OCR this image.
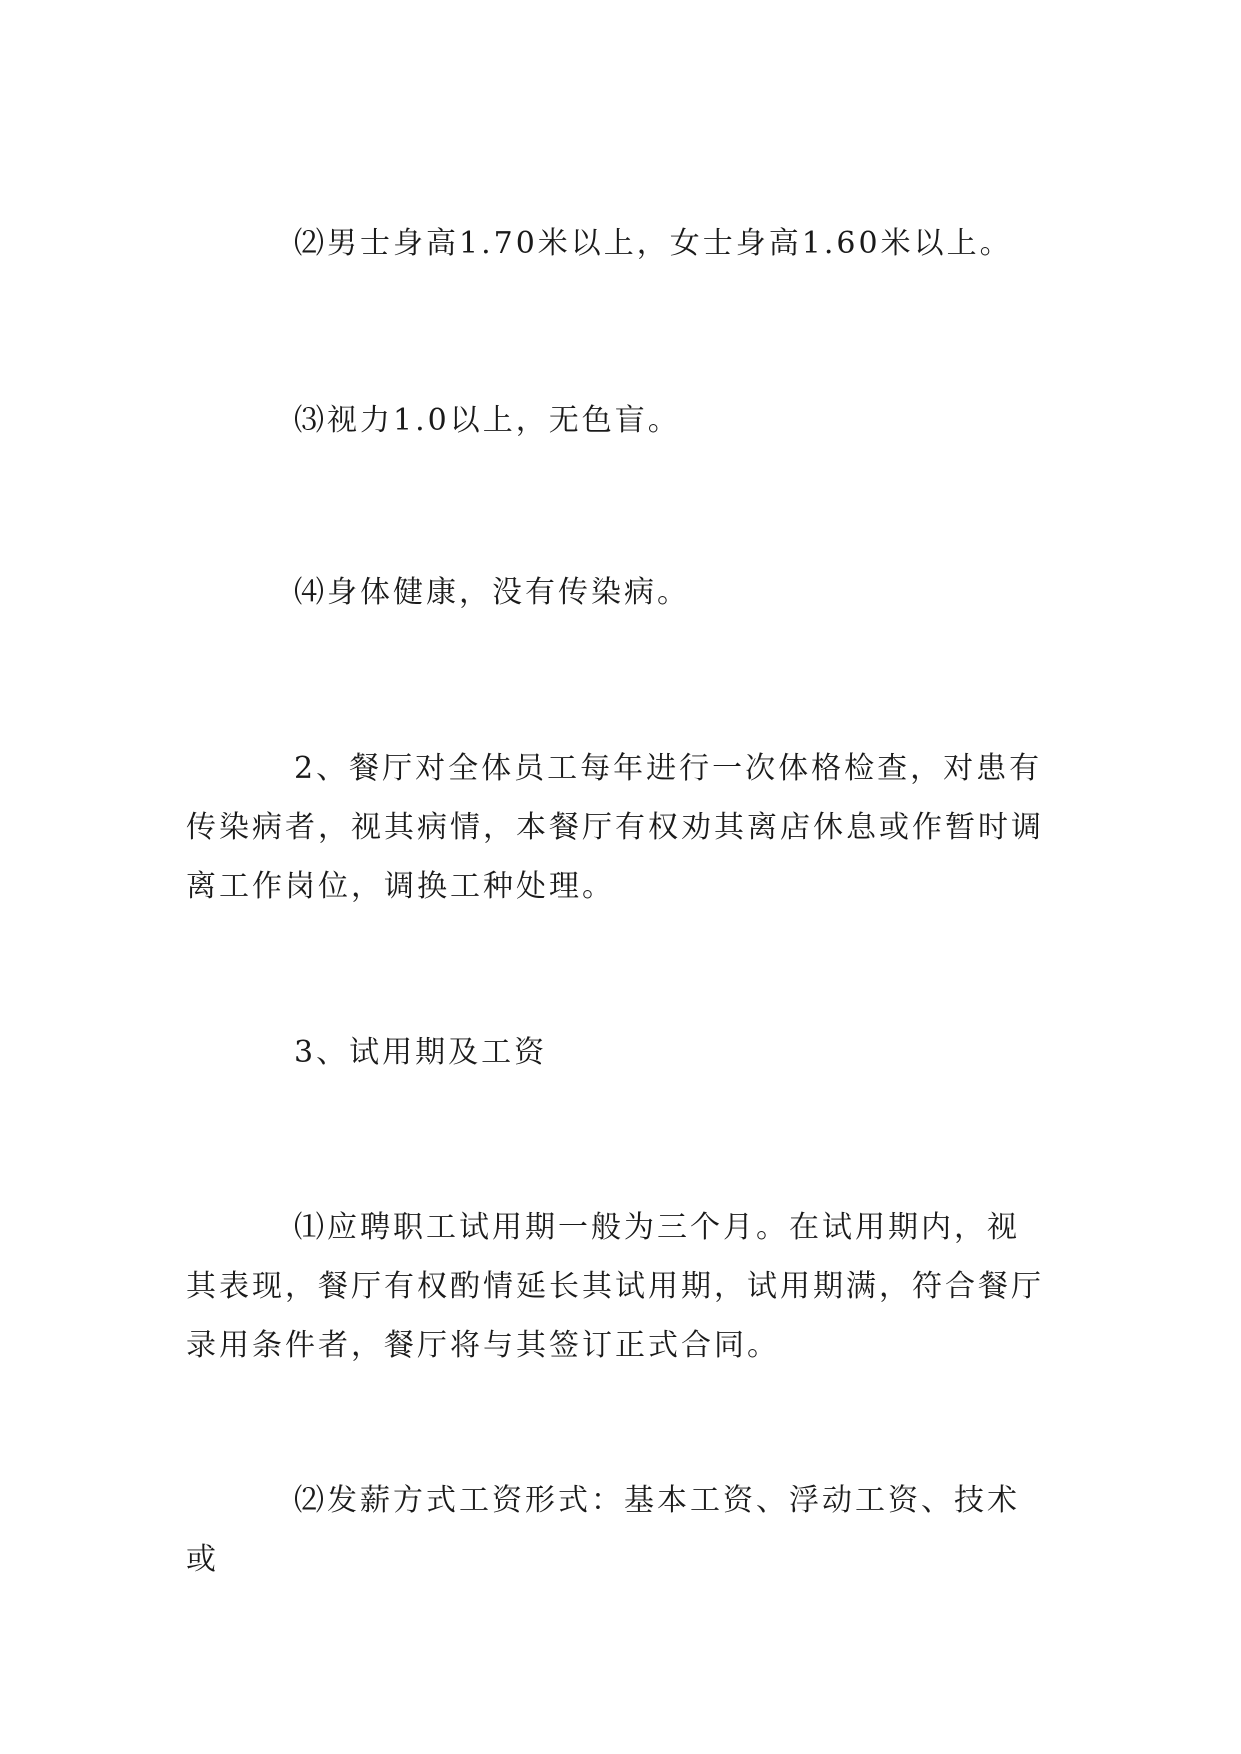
⑵男士身高1.70米以上，女士身高1.60米以上。

⑶视力1.0以上，无色盲。

⑷身体健康，没有传染病。

2、餐厅对全体员工每年进行一次体格检查，对患有传染病者，视其病情，本餐厅有权劝其离店休息或作暂时调离工作岗位，调换工种处理。

3、试用期及工资

⑴应聘职工试用期一般为三个月。在试用期内，视其表现，餐厅有权酌情延长其试用期，试用期满，符合餐厅录用条件者，餐厅将与其签订正式合同。

⑵发薪方式工资形式：基本工资、浮动工资、技术或
